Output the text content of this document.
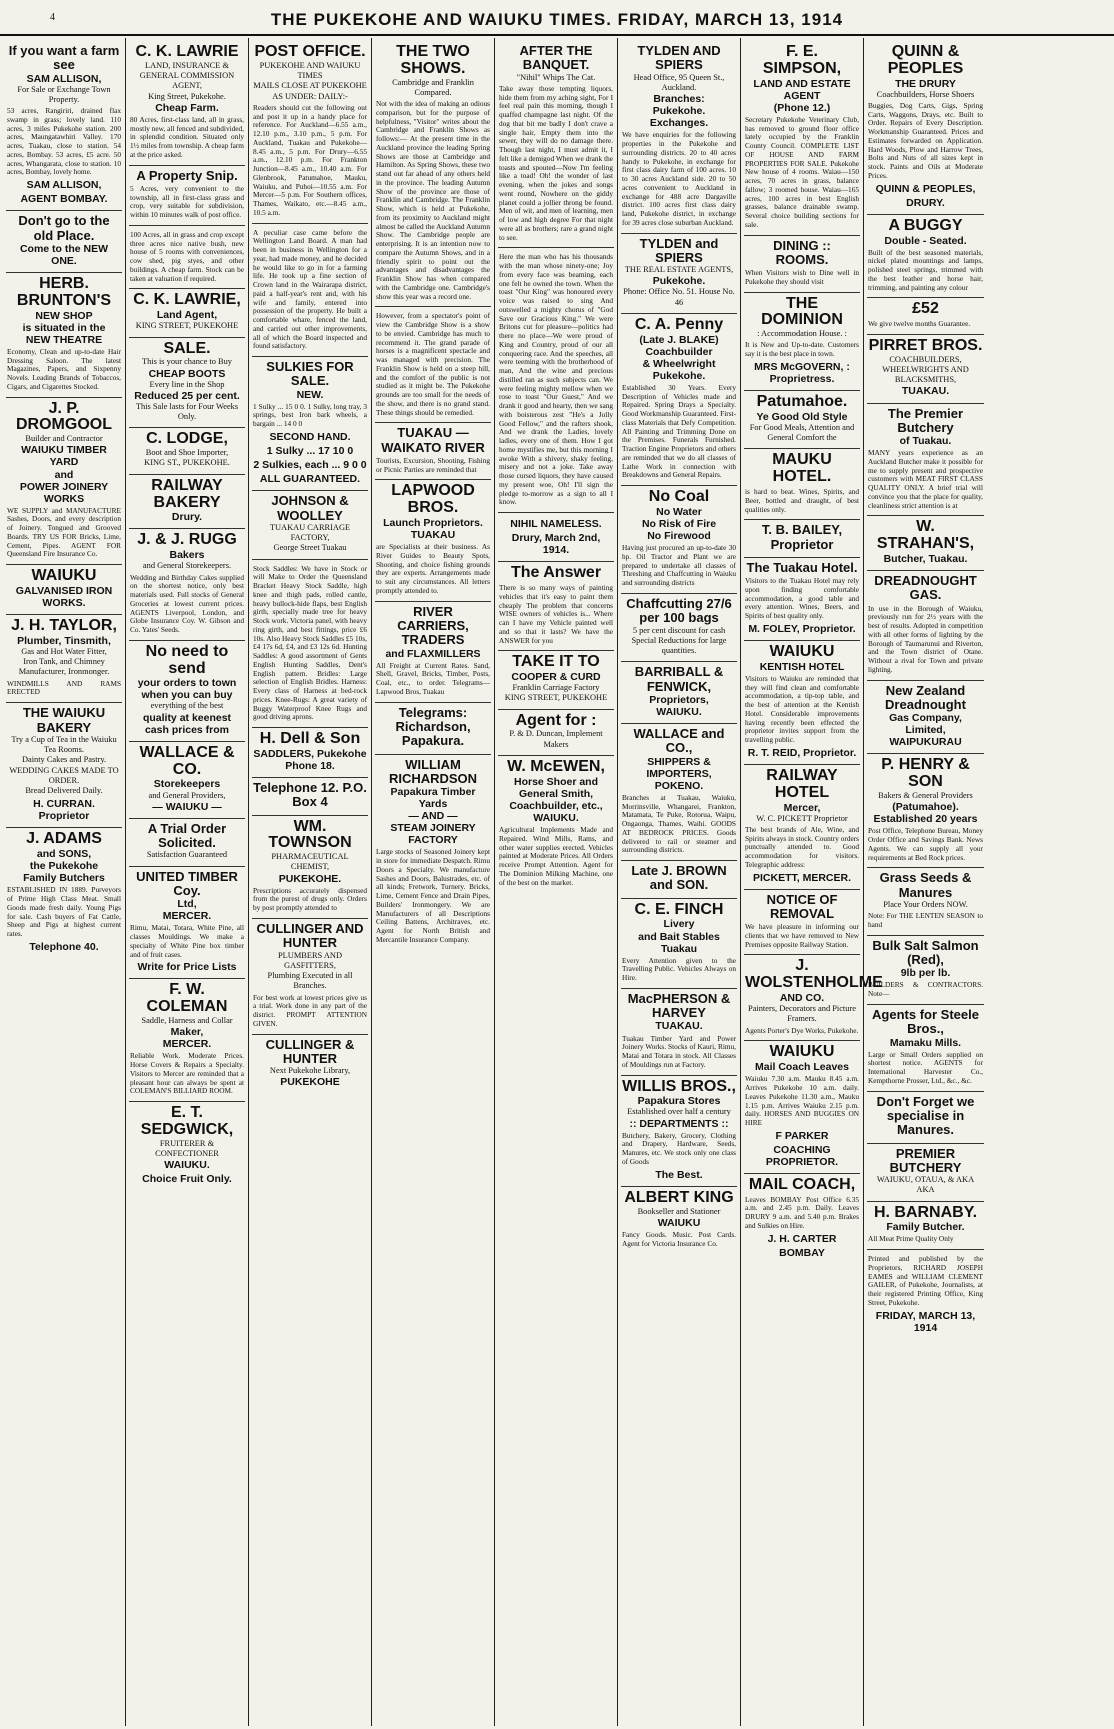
4	THE PUKEKOHE AND WAIUKU TIMES. FRIDAY, MARCH 13, 1914
If you want a farm see
SAM ALLISON,
For Sale or Exchange Town Property.
53 acres, Rangiriri, drained flax swamp in grass; lovely land. 110 acres, 3 miles Pukekohe station. 200 acres, Maungatawhiri Valley. 170 acres, Tuakau, close to station. 54 acres, Bombay. 53 acres, £5 acre. 50 acres, Whangarata, close to station. 10 acres, Bombay, lovely home.
SAM ALLISON,
AGENT BOMBAY.
Don't go to the old Place.
Come to the NEW ONE.
HERB. BRUNTON'S
NEW SHOP
is situated in the
NEW THEATRE
Economy, Clean and up-to-date Hair Dressing Saloon. The latest Magazines, Papers, and Sixpenny Novels. Leading Brands of Tobaccos, Cigars, and Cigarettes Stocked.
J. P. DROMGOOL
Builder and Contractor
WAIUKU TIMBER YARD
and
POWER JOINERY WORKS
WE SUPPLY and MANUFACTURE Sashes, Doors, and every description of Joinery. Tongued and Grooved Boards. TRY US FOR Bricks, Lime, Cement, Pipes. AGENT FOR Queensland Fire Insurance Co.
WAIUKU
GALVANISED IRON
WORKS.
J. H. TAYLOR,
Plumber, Tinsmith,
Gas and Hot Water Fitter,
Iron Tank, and Chimney
Manufacturer, Ironmonger.
WINDMILLS AND RAMS ERECTED
THE WAIUKU BAKERY
Try a Cup of Tea in the Waiuku Tea Rooms.
Dainty Cakes and Pastry.
WEDDING CAKES MADE TO ORDER.
Bread Delivered Daily.
H. CURRAN. Proprietor
J. ADAMS
and SONS,
the Pukekohe
Family Butchers
ESTABLISHED IN 1889. Purveyors of Prime High Class Meat. Small Goods made fresh daily. Young Pigs for sale. Cash buyers of Fat Cattle, Sheep and Pigs at highest current rates.
Telephone 40.
C. K. LAWRIE
LAND, INSURANCE & GENERAL COMMISSION AGENT,
King Street, Pukekohe.
Cheap Farm.
80 Acres, first-class land, all in grass, mostly new, all fenced and subdivided, in splendid condition. Situated only 1½ miles from township. A cheap farm at the price asked.
A Property Snip.
5 Acres, very convenient to the township, all in first-class grass and crop, very suitable for subdivision, within 10 minutes walk of post office.
100 Acres, all in grass and crop except three acres nice native bush, new house of 5 rooms with conveniences, cow shed, pig styes, and other buildings. A cheap farm. Stock can be taken at valuation if required.
C. K. LAWRIE,
Land Agent,
KING STREET, PUKEKOHE
SALE.
This is your chance to Buy
CHEAP BOOTS
Every line in the Shop
Reduced 25 per cent.
This Sale lasts for Four Weeks Only.
C. LODGE,
Boot and Shoe Importer,
KING ST., PUKEKOHE.
RAILWAY BAKERY
Drury.
J. & J. RUGG
Bakers
and General Storekeepers.
Wedding and Birthday Cakes supplied on the shortest notice, only best materials used. Full stocks of General Groceries at lowest current prices. AGENTS Liverpool, London, and Globe Insurance Coy. W. Gibson and Co. Yates' Seeds.
No need to send
your orders to town
when you can buy
everything of the best
quality at keenest
cash prices from
WALLACE & CO.
Storekeepers
and General Providers,
— WAIUKU —
A Trial Order Solicited.
Satisfaction Guaranteed
UNITED TIMBER Coy.
Ltd,
MERCER.
Rimu, Matai, Totara, White Pine, all classes Mouldings. We make a specialty of White Pine box timber and of fruit cases.
Write for Price Lists
F. W. COLEMAN
Saddle, Harness and Collar
Maker,
MERCER.
Reliable Work. Moderate Prices. Horse Covers & Repairs a Specialty. Visitors to Mercer are reminded that a pleasant hour can always be spent at COLEMAN'S BILLIARD ROOM.
E. T. SEDGWICK,
FRUITERER & CONFECTIONER
WAIUKU.
Choice Fruit Only.
POST OFFICE.
PUKEKOHE AND WAIUKU TIMES
MAILS CLOSE AT PUKEKOHE AS UNDER: DAILY:-
Readers should cut the following out and post it up in a handy place for reference. For Auckland—6.55 a.m., 12.10 p.m., 3.10 p.m., 5 p.m. For Auckland, Tuakau and Pukekohe—8.45 a.m., 5 p.m. For Drury—6.55 a.m., 12.10 p.m. For Frankton Junction—8.45 a.m., 10.40 a.m. For Glenbrook, Patumahoe, Mauku, Waiuku, and Puhoi—10.55 a.m. For Mercer—5 p.m. For Southern offices, Thames, Waikato, etc.—8.45 a.m., 10.5 a.m.
A peculiar case came before the Wellington Land Board. A man had been in business in Wellington for a year, had made money, and he decided he would like to go in for a farming life. He took up a fine section of Crown land in the Wairarapa district, paid a half-year's rent and, with his wife and family, entered into possession of the property. He built a comfortable whare, fenced the land, and carried out other improvements, all of which the Board inspected and found satisfactory.
SULKIES FOR SALE.
NEW.
1 Sulky ... 15 0 0. 1 Sulky, long tray, 3 springs, best Iron bark wheels, a bargain ... 14 0 0
SECOND HAND.
1 Sulky ... 17 10 0
2 Sulkies, each ... 9 0 0
ALL GUARANTEED.
JOHNSON & WOOLLEY
TUAKAU CARRIAGE FACTORY,
George Street Tuakau
Stock Saddles: We have in Stock or will Make to Order the Queensland Bracket Heavy Stock Saddle, high knee and thigh pads, rolled cantle, heavy bullock-hide flaps, best English girth, specially made tree for heavy Stock work. Victoria panel, with heavy ring girth, and best fittings, price £6 10s. Also Heavy Stock Saddles £5 10s, £4 17s 6d, £4, and £3 12s 6d. Hunting Saddles: A good assortment of Gents English Hunting Saddles, Dent's English pattern. Bridles: Large selection of English Bridles. Harness: Every class of Harness at bed-rock prices. Knee-Rugs: A great variety of Buggy Waterproof Knee Rugs and good driving aprons.
H. Dell & Son
SADDLERS, Pukekohe
Phone 18.
Telephone 12. P.O. Box 4
WM. TOWNSON
PHARMACEUTICAL CHEMIST,
PUKEKOHE.
Prescriptions accurately dispensed from the purest of drugs only. Orders by post promptly attended to
CULLINGER AND HUNTER
PLUMBERS AND GASFITTERS,
Plumbing Executed in all Branches.
For best work at lowest prices give us a trial. Work done in any part of the district. PROMPT ATTENTION GIVEN.
CULLINGER & HUNTER
Next Pukekohe Library,
PUKEKOHE
THE TWO SHOWS.
Cambridge and Franklin Compared.
Not with the idea of making an odious comparison, but for the purpose of helpfulness, "Visitor" writes about the Cambridge and Franklin Shows as follows:— At the present time in the Auckland province the leading Spring Shows are those at Cambridge and Hamilton. As Spring Shows, these two stand out far ahead of any others held in the province. The leading Autumn Show of the province are those of Franklin and Cambridge. The Franklin Show, which is held at Pukekohe, from its proximity to Auckland might almost be called the Auckland Autumn Show. The Cambridge people are enterprising. It is an intention now to compare the Autumn Shows, and in a friendly spirit to point out the advantages and disadvantages the Franklin Show has when compared with the Cambridge one. Cambridge's show this year was a record one.
However, from a spectator's point of view the Cambridge Show is a show to be envied. Cambridge has much to recommend it. The grand parade of horses is a magnificent spectacle and was managed with precision. The Franklin Show is held on a steep hill, and the comfort of the public is not studied as it might be. The Pukekohe grounds are too small for the needs of the show, and there is no grand stand. These things should be remedied.
TUAKAU — WAIKATO RIVER
Tourists, Excursion, Shooting, Fishing or Picnic Parties are reminded that
LAPWOOD BROS.
Launch Proprietors.
TUAKAU
are Specialists at their business. As River Guides to Beauty Spots, Shooting, and choice fishing grounds they are experts. Arrangements made to suit any circumstances. All letters promptly attended to.
RIVER CARRIERS, TRADERS
and FLAXMILLERS
All Freight at Current Rates. Sand, Shell, Gravel, Bricks, Timber, Posts, Coal, etc., to order. Telegrams—Lapwood Bros, Tuakau
Telegrams: Richardson, Papakura.
WILLIAM RICHARDSON
Papakura Timber Yards
— AND —
STEAM JOINERY FACTORY
Large stocks of Seasoned Joinery kept in store for immediate Despatch. Rimu Doors a Specialty. We manufacture Sashes and Doors, Balustrades, etc. of all kinds; Fretwork, Turnery. Bricks, Lime, Cement Fence and Drain Pipes, Builders' Ironmongery. We are Manufacturers of all Descriptions Ceiling Battens, Architraves, etc. Agent for North British and Mercantile Insurance Company.
AFTER THE BANQUET.
"Nihil" Whips The Cat.
Take away those tempting liquors, hide them from my aching sight, For I feel real pain this morning, though I quaffed champagne last night. Of the dog that bit me badly I don't crave a single hair, Empty them into the sewer, they will do no damage there. Though last night, I must admit it, I felt like a demigod When we drank the toasts and spouted—Now I'm feeling like a toad! Oh! the wonder of last evening, when the jokes and songs went round, Nowhere on the giddy planet could a jollier throng be found. Men of wit, and men of learning, men of low and high degree For that night were all as brothers; rare a grand night to see.
Here the man who has his thousands with the man whose ninety-one; Joy from every face was beaming, each one felt he owned the town. When the toast "Our King" was honoured every voice was raised to sing And outswelled a mighty chorus of "God Save our Gracious King." We were Britons cut for pleasure—politics had there no place—We were proud of King and Country, proud of our all conquering race. And the speeches, all were teeming with the brotherhood of man, And the wine and precious distilled ran as such subjects can. We were feeling mighty mellow when we rose to toast "Our Guest," And we drank it good and hearty, then we sang with boisterous zest "He's a Jolly Good Fellow," and the rafters shook, And we drank the Ladies, lovely ladies, every one of them. How I got home mystifies me, but this morning I awoke With a shivery, shaky feeling, misery and not a joke. Take away those cursed liquors, they have caused my present woe, Oh! I'll sign the pledge to-morrow as a sign to all I know.
NIHIL NAMELESS.
Drury, March 2nd, 1914.
The Answer
There is so many ways of painting vehicles that it's easy to paint them cheaply The problem that concerns WISE owners of vehicles is... Where can I have my Vehicle painted well and so that it lasts? We have the ANSWER for you
TAKE IT TO
COOPER & CURD
Franklin Carriage Factory
KING STREET, PUKEKOHE
Agent for :
P. & D. Duncan, Implement Makers
W. McEWEN,
Horse Shoer and
General Smith,
Coachbuilder, etc.,
WAIUKU.
Agricultural Implements Made and Repaired. Wind Mills, Rams, and other water supplies erected. Vehicles painted at Moderate Prices. All Orders receive Prompt Attention. Agent for The Dominion Milking Machine, one of the best on the market.
TYLDEN AND SPIERS
Head Office, 95 Queen St., Auckland.
Branches:
Pukekohe.
Exchanges.
We have enquiries for the following properties in the Pukekohe and surrounding districts. 20 to 40 acres handy to Pukekohe, in exchange for first class dairy farm of 100 acres. 10 to 30 acres Auckland side. 20 to 50 acres convenient to Auckland in exchange for 488 acre Dargaville district. 100 acres first class dairy land, Pukekohe district, in exchange for 39 acres close suburban Auckland.
TYLDEN and SPIERS
THE REAL ESTATE AGENTS,
Pukekohe.
Phone: Office No. 51. House No. 46
C. A. Penny
(Late J. BLAKE)
Coachbuilder
& Wheelwright
Pukekohe.
Established 30 Years. Every Description of Vehicles made and Repaired. Spring Drays a Specialty. Good Workmanship Guaranteed. First-class Materials that Defy Competition. All Painting and Trimming Done on the Premises. Funerals Furnished. Traction Engine Proprietors and others are reminded that we do all classes of Lathe Work in connection with Breakdowns and General Repairs.
No Coal
No Water
No Risk of Fire
No Firewood
Having just procured an up-to-date 30 hp. Oil Tractor and Plant we are prepared to undertake all classes of Threshing and Chaffcutting in Waiuku and surrounding districts
Chaffcutting 27/6 per 100 bags
5 per cent discount for cash
Special Reductions for large quantities.
BARRIBALL & FENWICK,
Proprietors,
WAIUKU.
WALLACE and CO.,
SHIPPERS & IMPORTERS,
POKENO.
Branches at Tuakau, Waiuku, Morrinsville, Whangarei, Frankton, Matamata, Te Puke, Rotorua, Waipu, Ongaonga, Thames, Waihi. GOODS AT BEDROCK PRICES. Goods delivered to rail or steamer and surrounding districts.
Late J. BROWN and SON.
C. E. FINCH
Livery
and Bait Stables
Tuakau
Every Attention given to the Travelling Public. Vehicles Always on Hire.
MacPHERSON & HARVEY
TUAKAU.
Tuakau Timber Yard and Power Joinery Works. Stocks of Kauri, Rimu, Matai and Totara in stock. All Classes of Mouldings run at Factory.
WILLIS BROS.,
Papakura Stores
Established over half a century
:: DEPARTMENTS ::
Butchery, Bakery, Grocery, Clothing and Drapery, Hardware, Seeds, Manures, etc. We stock only one class of Goods
The Best.
ALBERT KING
Bookseller and Stationer
WAIUKU
Fancy Goods. Music. Post Cards. Agent for Victoria Insurance Co.
F. E. SIMPSON,
LAND AND ESTATE AGENT
(Phone 12.)
Secretary Pukekohe Veterinary Club, has removed to ground floor office lately occupied by the Franklin County Council. COMPLETE LIST OF HOUSE AND FARM PROPERTIES FOR SALE. Pukekohe New house of 4 rooms. Waiau—150 acres, 70 acres in grass, balance fallow; 3 roomed house. Waiau—165 acres, 100 acres in best English grasses, balance drainable swamp. Several choice building sections for sale.
DINING :: ROOMS.
When Visitors wish to Dine well in Pukekohe they should visit
THE DOMINION
: Accommodation House. :
It is New and Up-to-date. Customers say it is the best place in town.
MRS McGOVERN, : Proprietress.
Patumahoe.
Ye Good Old Style
For Good Meals, Attention and General Comfort the
MAUKU HOTEL.
is hard to beat. Wines, Spirits, and Beer, bottled and draught, of best qualities only.
T. B. BAILEY, Proprietor
The Tuakau Hotel.
Visitors to the Tuakau Hotel may rely upon finding comfortable accommodation, a good table and every attention. Wines, Beers, and Spirits of best quality only.
M. FOLEY, Proprietor.
WAIUKU
KENTISH HOTEL
Visitors to Waiuku are reminded that they will find clean and comfortable accommodation, a tip-top table, and the best of attention at the Kentish Hotel. Considerable improvements having recently been effected the proprietor invites support from the travelling public.
R. T. REID, Proprietor.
RAILWAY HOTEL
Mercer,
W. C. PICKETT Proprietor
The best brands of Ale, Wine, and Spirits always in stock. Country orders punctually attended to. Good accommodation for visitors. Telegraphic address:
PICKETT, MERCER.
NOTICE OF REMOVAL
We have pleasure in informing our clients that we have removed to New Premises opposite Railway Station.
J. WOLSTENHOLME
AND CO.
Painters, Decorators and Picture Framers.
Agents Porter's Dye Works, Pukekohe.
WAIUKU
Mail Coach Leaves
Waiuku 7.30 a.m. Mauku 8.45 a.m. Arrives Pukekohe 10 a.m. daily. Leaves Pukekohe 11.30 a.m., Mauku 1.15 p.m. Arrives Waiuku 2.15 p.m. daily. HORSES AND BUGGIES ON HIRE
F PARKER
COACHING PROPRIETOR.
MAIL COACH,
Leaves BOMBAY Post Office 6.35 a.m. and 2.45 p.m. Daily. Leaves DRURY 9 a.m. and 5.40 p.m. Brakes and Sulkies on Hire.
J. H. CARTER
BOMBAY
QUINN & PEOPLES
THE DRURY
Coachbuilders, Horse Shoers
Buggies, Dog Carts, Gigs, Spring Carts, Waggons, Drays, etc. Built to Order. Repairs of Every Description. Workmanship Guaranteed. Prices and Estimates forwarded on Application. Hard Woods, Plow and Harrow Trees, Bolts and Nuts of all sizes kept in stock. Paints and Oils at Moderate Prices.
QUINN & PEOPLES,
DRURY.
A BUGGY
Double - Seated.
Built of the best seasoned materials, nickel plated mountings and lamps, polished steel springs, trimmed with the best leather and horse hair, trimming, and painting any colour
£52
We give twelve months Guarantee.
PIRRET BROS.
COACHBUILDERS, WHEELWRIGHTS AND BLACKSMITHS,
TUAKAU.
The Premier Butchery
of Tuakau.
MANY years experience as an Auckland Butcher make it possible for me to supply present and prospective customers with MEAT FIRST CLASS QUALITY ONLY. A brief trial will convince you that the place for quality, cleanliness strict attention is at
W. STRAHAN'S,
Butcher, Tuakau.
DREADNOUGHT GAS.
In use in the Borough of Waiuku, previously run for 2½ years with the best of results. Adopted in competition with all other forms of lighting by the Borough of Taumarunui and Riverton, and the Town district of Otane. Without a rival for Town and private lighting.
New Zealand Dreadnought
Gas Company, Limited,
WAIPUKURAU
P. HENRY & SON
Bakers & General Providers
(Patumahoe).
Established 20 years
Post Office, Telephone Bureau, Money Order Office and Savings Bank. News Agents. We can supply all your requirements at Bed Rock prices.
Grass Seeds & Manures
Place Your Orders NOW.
Note: For THE LENTEN SEASON to hand
Bulk Salt Salmon (Red),
9lb per lb.
BUILDERS & CONTRACTORS. Note—
Agents for Steele Bros.,
Mamaku Mills.
Large or Small Orders supplied on shortest notice. AGENTS for International Harvester Co., Kempthorne Prosser, Ltd., &c., &c.
Don't Forget we specialise in Manures.
PREMIER BUTCHERY
WAIUKU, OTAUA, & AKA AKA
H. BARNABY.
Family Butcher.
All Meat Prime Quality Only
Printed and published by the Proprietors, RICHARD JOSEPH EAMES and WILLIAM CLEMENT GAILER, of Pukekohe, Journalists, at their registered Printing Office, King Street, Pukekohe.
FRIDAY, MARCH 13, 1914
